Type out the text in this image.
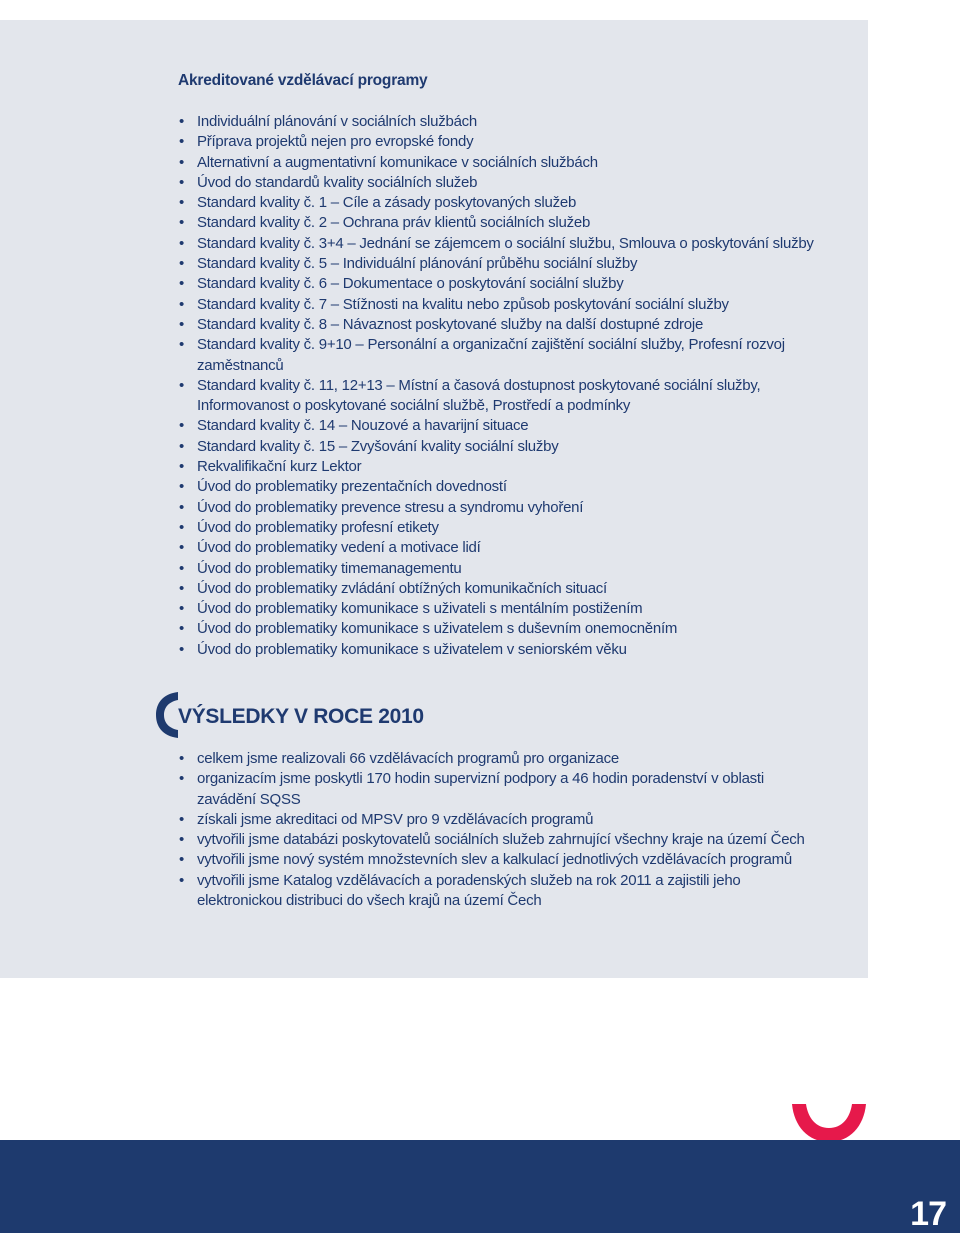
Akreditované vzdělávací programy
• Individuální plánování v sociálních službách
• Příprava projektů nejen pro evropské fondy
• Alternativní a augmentativní komunikace v sociálních službách
• Úvod do standardů kvality sociálních služeb
• Standard kvality č. 1 – Cíle a zásady poskytovaných služeb
• Standard kvality č. 2 – Ochrana práv klientů sociálních služeb
• Standard kvality č. 3+4 – Jednání se zájemcem o sociální službu, Smlouva o poskytování služby
• Standard kvality č. 5 – Individuální plánování průběhu sociální služby
• Standard kvality č. 6 – Dokumentace o poskytování sociální služby
• Standard kvality č. 7 – Stížnosti na kvalitu nebo způsob poskytování sociální služby
• Standard kvality č. 8 – Návaznost poskytované služby na další dostupné zdroje
• Standard kvality č. 9+10 – Personální a organizační zajištění sociální služby, Profesní rozvoj zaměstnanců
• Standard kvality č. 11, 12+13 – Místní a časová dostupnost poskytované sociální služby, Informovanost o poskytované sociální službě, Prostředí a podmínky
• Standard kvality č. 14 – Nouzové a havarijní situace
• Standard kvality č. 15 – Zvyšování kvality sociální služby
• Rekvalifikační kurz Lektor
• Úvod do problematiky prezentačních dovedností
• Úvod do problematiky prevence stresu a syndromu vyhoření
• Úvod do problematiky profesní etikety
• Úvod do problematiky vedení a motivace lidí
• Úvod do problematiky timemanagementu
• Úvod do problematiky zvládání obtížných komunikačních situací
• Úvod do problematiky komunikace s uživateli s mentálním postižením
• Úvod do problematiky komunikace s uživatelem s duševním onemocněním
• Úvod do problematiky komunikace s uživatelem v seniorském věku
VÝSLEDKY V ROCE 2010
• celkem jsme realizovali 66 vzdělávacích programů pro organizace
• organizacím jsme poskytli 170 hodin supervizní podpory a 46 hodin poradenství v oblasti zavádění SQSS
• získali jsme akreditaci od MPSV pro 9 vzdělávacích programů
• vytvořili jsme databázi poskytovatelů sociálních služeb zahrnující všechny kraje na území Čech
• vytvořili jsme nový systém množstevních slev a kalkulací jednotlivých vzdělávacích programů
• vytvořili jsme Katalog vzdělávacích a poradenských služeb na rok 2011 a zajistili jeho elektronickou distribuci do všech krajů na území Čech
17
